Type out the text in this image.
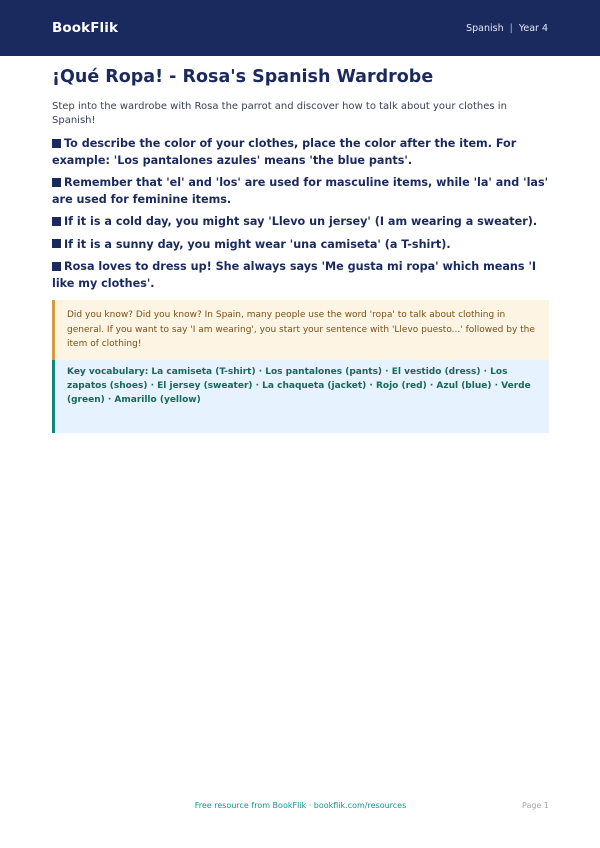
BookFlik	Spanish | Year 4
¡Qué Ropa! - Rosa's Spanish Wardrobe

Step into the wardrobe with Rosa the parrot and discover how to talk about your clothes in Spanish!

To describe the color of your clothes, place the color after the item. For example: 'Los pantalones azules' means 'the blue pants'.
Remember that 'el' and 'los' are used for masculine items, while 'la' and 'las' are used for feminine items.
If it is a cold day, you might say 'Llevo un jersey' (I am wearing a sweater).
If it is a sunny day, you might wear 'una camiseta' (a T-shirt).
Rosa loves to dress up! She always says 'Me gusta mi ropa' which means 'I like my clothes'.
Did you know? Did you know? In Spain, many people use the word 'ropa' to talk about clothing in general. If you want to say 'I am wearing', you start your sentence with 'Llevo puesto...' followed by the item of clothing!
Key vocabulary: La camiseta (T-shirt) · Los pantalones (pants) · El vestido (dress) · Los zapatos (shoes) · El jersey (sweater) · La chaqueta (jacket) · Rojo (red) · Azul (blue) · Verde (green) · Amarillo (yellow)
Free resource from BookFlik · bookflik.com/resources	Page 1
